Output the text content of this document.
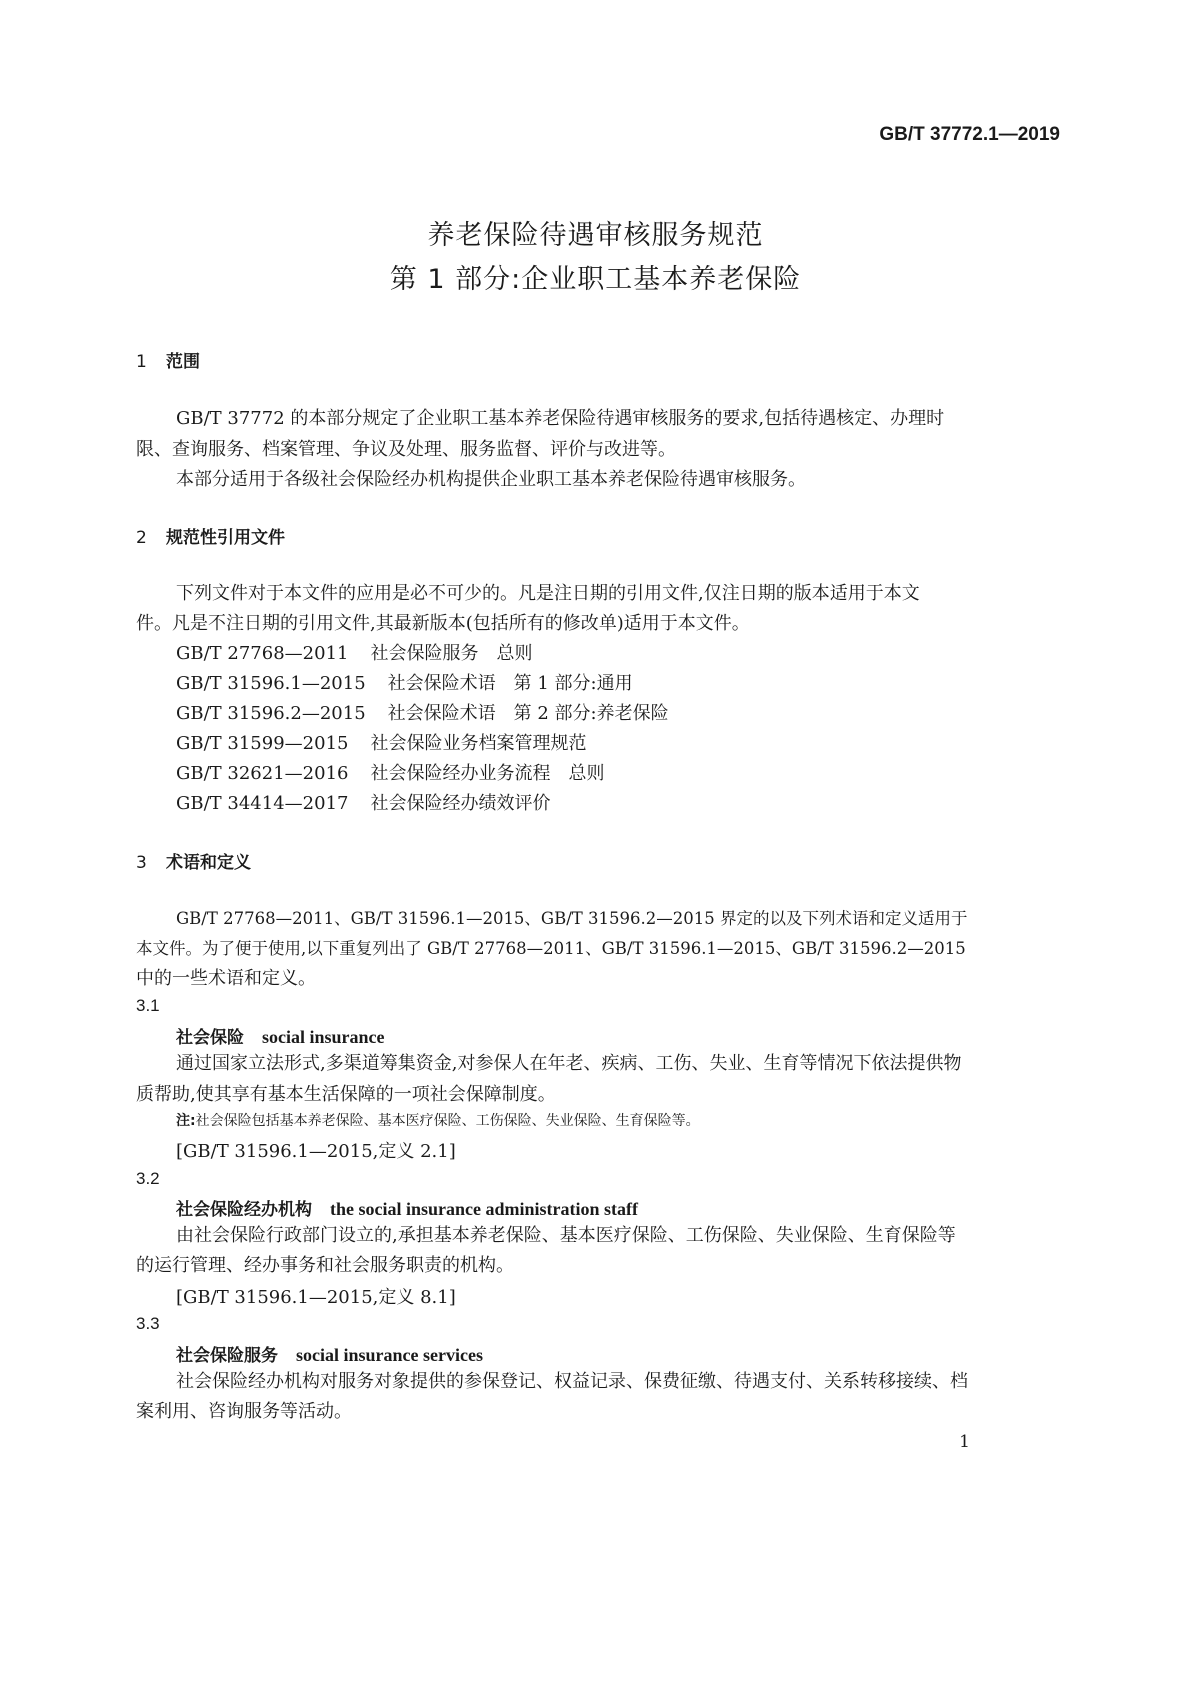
GB/T 37772.1—2019
养老保险待遇审核服务规范
第 1 部分:企业职工基本养老保险
1 范围
GB/T 37772 的本部分规定了企业职工基本养老保险待遇审核服务的要求,包括待遇核定、办理时
限、查询服务、档案管理、争议及处理、服务监督、评价与改进等。
本部分适用于各级社会保险经办机构提供企业职工基本养老保险待遇审核服务。
2 规范性引用文件
下列文件对于本文件的应用是必不可少的。凡是注日期的引用文件,仅注日期的版本适用于本文
件。凡是不注日期的引用文件,其最新版本(包括所有的修改单)适用于本文件。
GB/T 27768—2011 社会保险服务　总则
GB/T 31596.1—2015 社会保险术语　第 1 部分:通用
GB/T 31596.2—2015 社会保险术语　第 2 部分:养老保险
GB/T 31599—2015 社会保险业务档案管理规范
GB/T 32621—2016 社会保险经办业务流程　总则
GB/T 34414—2017 社会保险经办绩效评价
3 术语和定义
GB/T 27768—2011、GB/T 31596.1—2015、GB/T 31596.2—2015 界定的以及下列术语和定义适用于
本文件。为了便于使用,以下重复列出了 GB/T 27768—2011、GB/T 31596.1—2015、GB/T 31596.2—2015
中的一些术语和定义。
3.1
社会保险 social insurance
通过国家立法形式,多渠道筹集资金,对参保人在年老、疾病、工伤、失业、生育等情况下依法提供物
质帮助,使其享有基本生活保障的一项社会保障制度。
注:社会保险包括基本养老保险、基本医疗保险、工伤保险、失业保险、生育保险等。
[GB/T 31596.1—2015,定义 2.1]
3.2
社会保险经办机构 the social insurance administration staff
由社会保险行政部门设立的,承担基本养老保险、基本医疗保险、工伤保险、失业保险、生育保险等
的运行管理、经办事务和社会服务职责的机构。
[GB/T 31596.1—2015,定义 8.1]
3.3
社会保险服务 social insurance services
社会保险经办机构对服务对象提供的参保登记、权益记录、保费征缴、待遇支付、关系转移接续、档
案利用、咨询服务等活动。
1
